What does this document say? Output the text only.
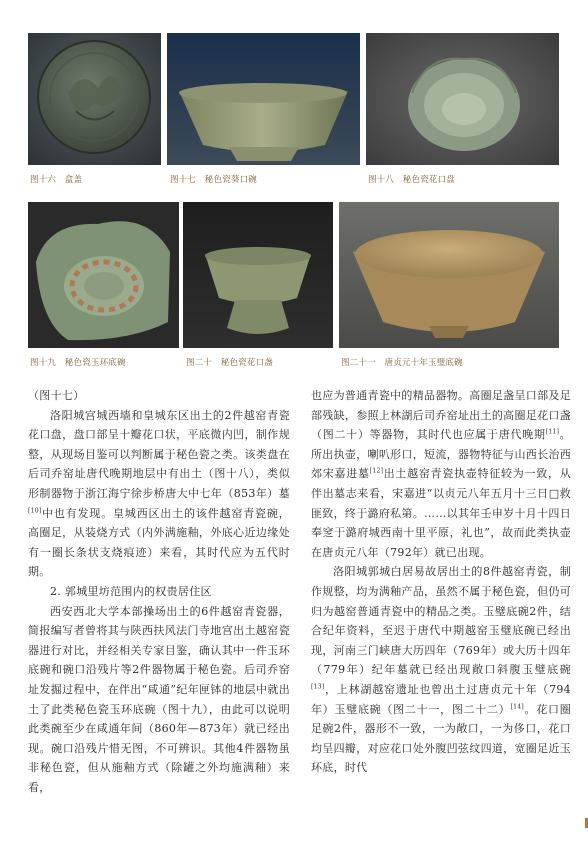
图十六　盒盖	图十七　秘色瓷葵口碗	图十八　秘色瓷花口盘
图十九　秘色瓷玉环底碗	图二十　秘色瓷花口盏	图二十一　唐贞元十年玉璧底碗

（图十七）

洛阳城宫城西墙和皇城东区出土的2件越窑青瓷花口盘，盘口部呈十瓣花口状，平底微内凹，制作规整，从现场目鉴可以判断属于秘色瓷之类。该类盘在后司乔窑址唐代晚期地层中有出土（图十八），类似形制器物于浙江海宁徐步桥唐大中七年（853年）墓[10]中也有发现。皇城西区出土的该件越窑青瓷碗，高圈足，从装烧方式（内外满施釉，外底心近边缘处有一圈长条状支烧痕迹）来看，其时代应为五代时期。

2. 郭城里坊范围内的权贵居住区

西安西北大学本部操场出土的6件越窑青瓷器，简报编写者曾将其与陕西扶风法门寺地宫出土越窑瓷器进行对比，并经相关专家目鉴，确认其中一件玉环底碗和碗口沿残片等2件器物属于秘色瓷。后司乔窑址发掘过程中，在伴出“咸通”纪年匣钵的地层中就出土了此类秘色瓷玉环底碗（图十九），由此可以说明此类碗至少在咸通年间（860年—873年）就已经出现。碗口沿残片惜无图，不可辨识。其他4件器物虽非秘色瓷，但从施釉方式（除罐之外均施满釉）来看，

也应为普通青瓷中的精品器物。高圈足盏呈口部及足部残缺，参照上林湖后司乔窑址出土的高圈足花口盏（图二十）等器物，其时代也应属于唐代晚期[11]。所出执壶，喇叭形口，短流，器物特征与山西长治西郊宋嘉进墓[12]出土越窑青瓷执壶特征较为一致，从伴出墓志来看，宋嘉进“以贞元八年五月十三日□救匪致，终于潞府私第。……以其年壬申岁十月十四日奉窆于潞府城西南十里平原，礼也”，故而此类执壶在唐贞元八年（792年）就已出现。

洛阳城郭城白居易故居出土的8件越窑青瓷，制作规整，均为满釉产品，虽然不属于秘色瓷，但仍可归为越窑普通青瓷中的精品之类。玉璧底碗2件，结合纪年资料，至迟于唐代中期越窑玉璧底碗已经出现，河南三门峡唐大历四年（769年）或大历十四年（779年）纪年墓就已经出现敞口斜腹玉璧底碗[13]，上林湖越窑遗址也曾出土过唐贞元十年（794年）玉璧底碗（图二十一，图二十二）[14]。花口圈足碗2件，器形不一致，一为敞口，一为侈口，花口均呈四瓣，对应花口处外腹凹弦纹四道，宽圈足近玉环底，时代
